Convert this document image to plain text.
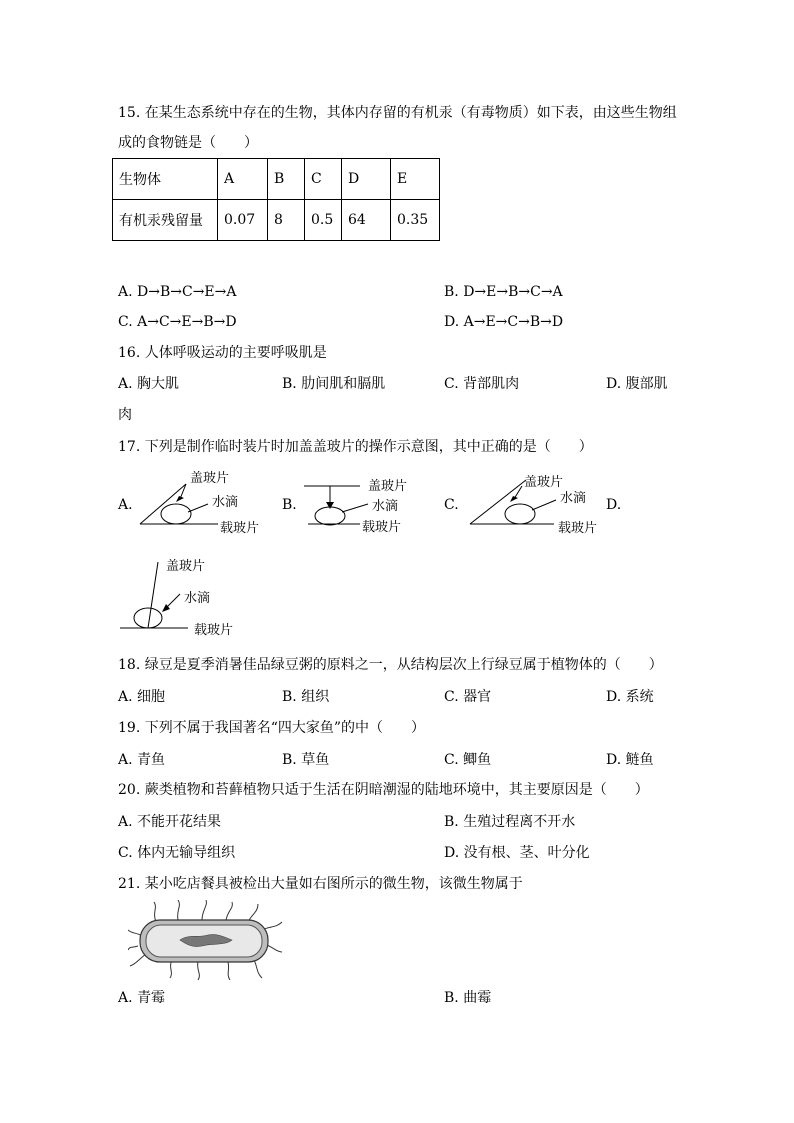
15. 在某生态系统中存在的生物，其体内存留的有机汞（有毒物质）如下表，由这些生物组
成的食物链是（　　）
生物体	A	B	C	D	E
有机汞残留量	0.07	8	0.5	64	0.35
A. D→B→C→E→A	B. D→E→B→C→A
C. A→C→E→B→D	D. A→E→C→B→D
16. 人体呼吸运动的主要呼吸肌是
A. 胸大肌	B. 肋间肌和膈肌	C. 背部肌肉	D. 腹部肌
肉
17. 下列是制作临时装片时加盖盖玻片的操作示意图，其中正确的是（　　）
A.	B.	C.	D.
盖玻片
水滴
载玻片
盖玻片
水滴
载玻片
盖玻片
水滴
载玻片
盖玻片
水滴
载玻片
18. 绿豆是夏季消暑佳品绿豆粥的原料之一，从结构层次上行绿豆属于植物体的（　　）
A. 细胞	B. 组织	C. 器官	D. 系统
19. 下列不属于我国著名“四大家鱼”的中（　　）
A. 青鱼	B. 草鱼	C. 鲫鱼	D. 鲢鱼
20. 蕨类植物和苔藓植物只适于生活在阴暗潮湿的陆地环境中，其主要原因是（　　）
A. 不能开花结果	B. 生殖过程离不开水
C. 体内无输导组织	D. 没有根、茎、叶分化
21. 某小吃店餐具被检出大量如右图所示的微生物，该微生物属于
A. 青霉	B. 曲霉
